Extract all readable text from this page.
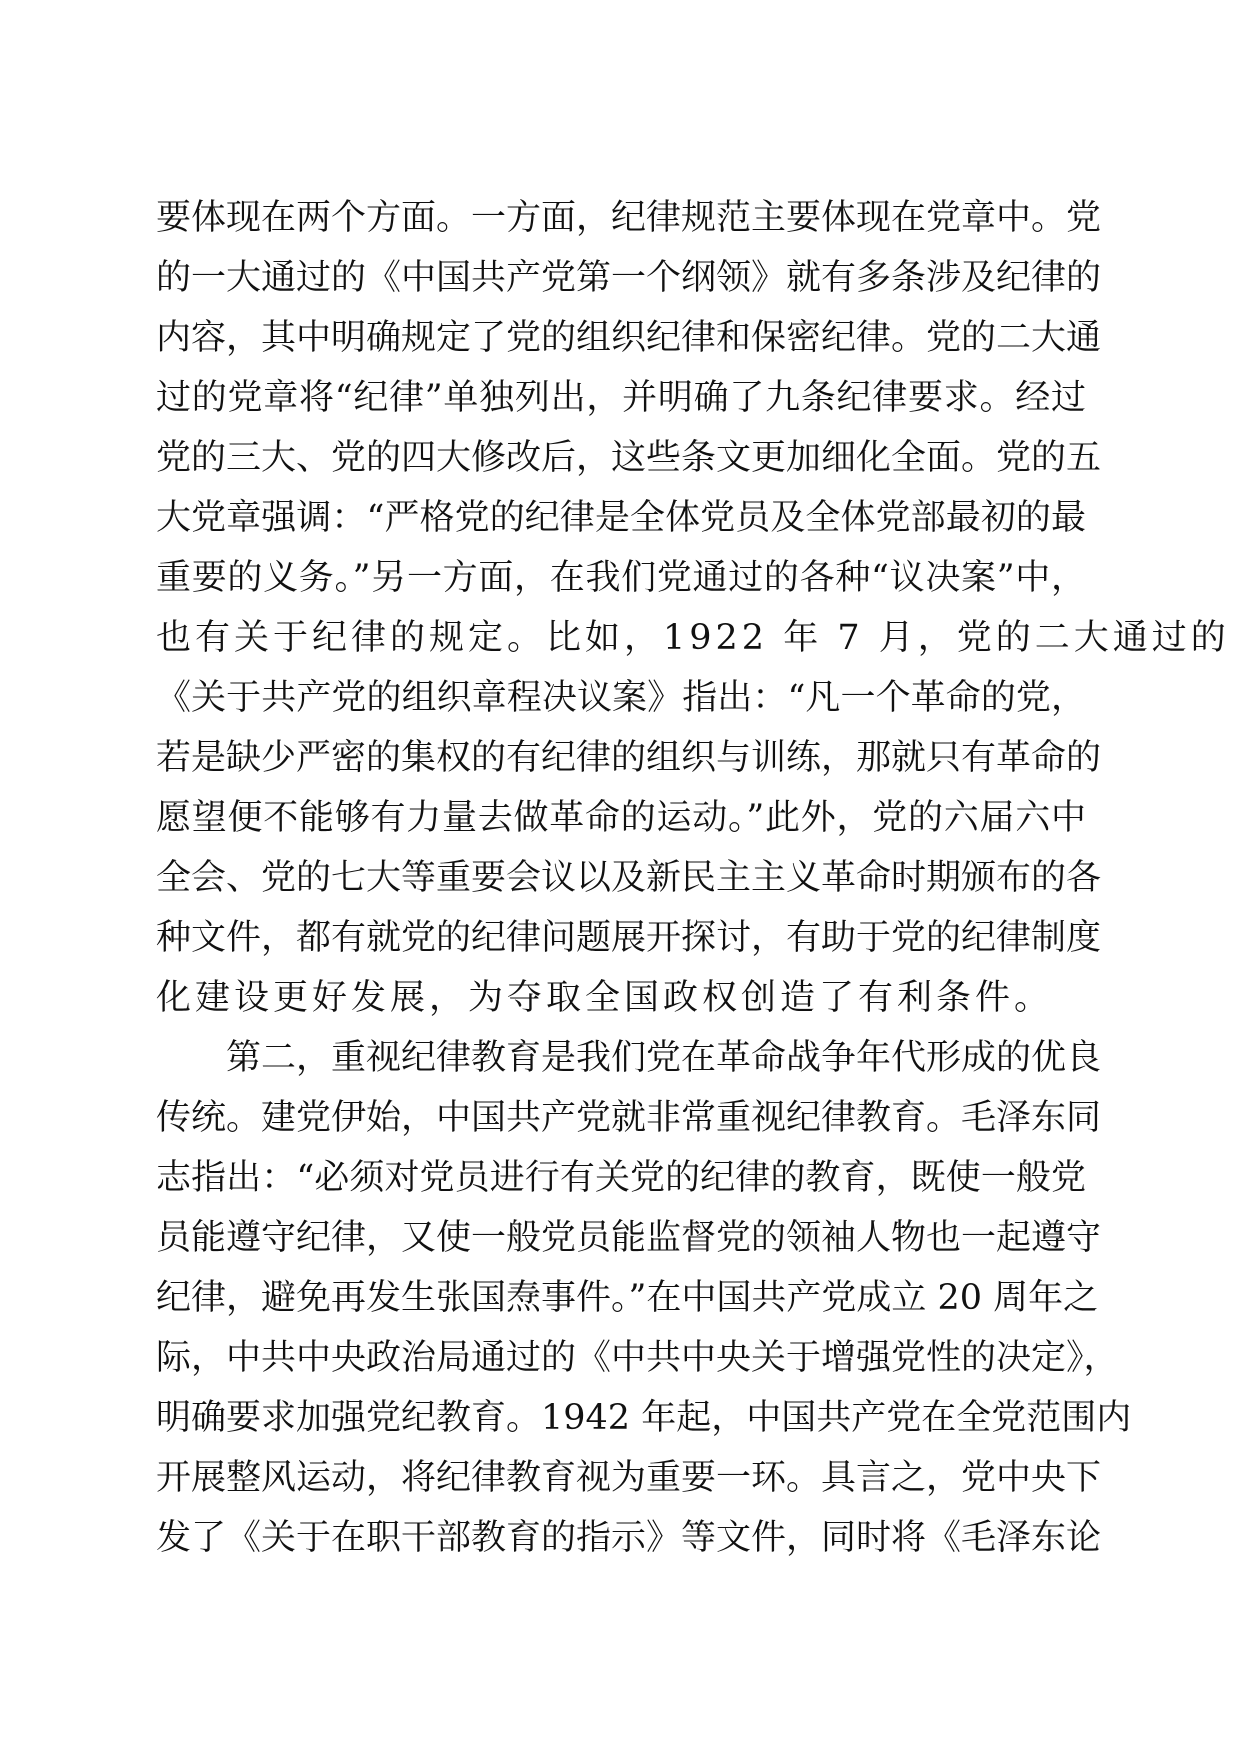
要体现在两个方面。一方面，纪律规范主要体现在党章中。党
的一大通过的《中国共产党第一个纲领》就有多条涉及纪律的
内容，其中明确规定了党的组织纪律和保密纪律。党的二大通
过的党章将“纪律”单独列出，并明确了九条纪律要求。经过
党的三大、党的四大修改后，这些条文更加细化全面。党的五
大党章强调：“严格党的纪律是全体党员及全体党部最初的最
重要的义务。”另一方面，在我们党通过的各种“议决案”中，
也有关于纪律的规定。比如，1922 年 7 月，党的二大通过的
《关于共产党的组织章程决议案》指出：“凡一个革命的党，
若是缺少严密的集权的有纪律的组织与训练，那就只有革命的
愿望便不能够有力量去做革命的运动。”此外，党的六届六中
全会、党的七大等重要会议以及新民主主义革命时期颁布的各
种文件，都有就党的纪律问题展开探讨，有助于党的纪律制度
化建设更好发展，为夺取全国政权创造了有利条件。
第二，重视纪律教育是我们党在革命战争年代形成的优良
传统。建党伊始，中国共产党就非常重视纪律教育。毛泽东同
志指出：“必须对党员进行有关党的纪律的教育，既使一般党
员能遵守纪律，又使一般党员能监督党的领袖人物也一起遵守
纪律，避免再发生张国焘事件。”在中国共产党成立 20 周年之
际，中共中央政治局通过的《中共中央关于增强党性的决定》，
明确要求加强党纪教育。1942 年起，中国共产党在全党范围内
开展整风运动，将纪律教育视为重要一环。具言之，党中央下
发了《关于在职干部教育的指示》等文件，同时将《毛泽东论
